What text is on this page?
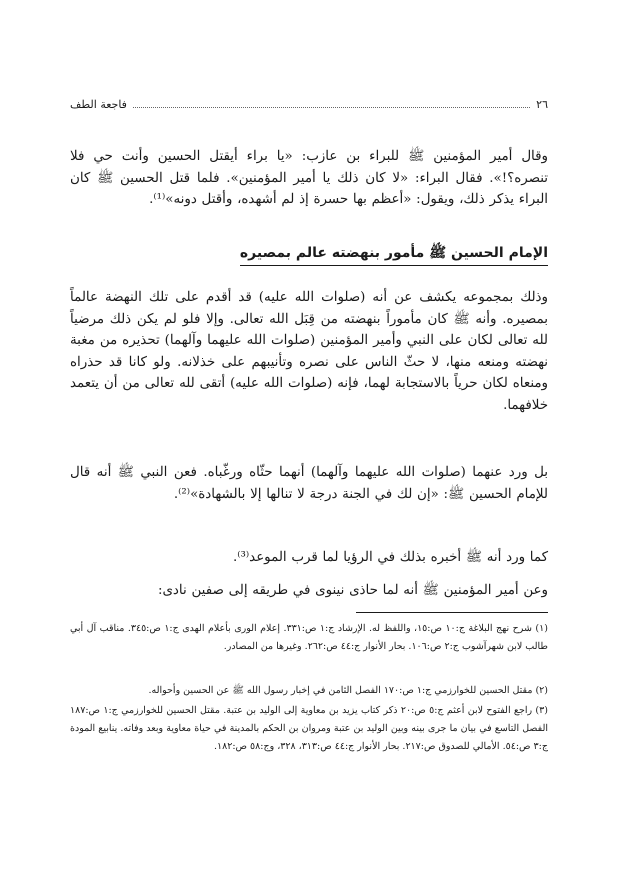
٢٦
فاجعة الطف

وقال أمير المؤمنين ﷺ للبراء بن عازب: «يا براء أيقتل الحسين وأنت حي فلا تنصره؟!». فقال البراء: «لا كان ذلك يا أمير المؤمنين». فلما قتل الحسين ﷺ كان البراء يذكر ذلك، ويقول: «أعظم بها حسرة إذ لم أشهده، وأقتل دونه»⁽¹⁾.

الإمام الحسين ﷺ مأمور بنهضته عالم بمصيره

وذلك بمجموعه يكشف عن أنه (صلوات الله عليه) قد أقدم على تلك النهضة عالماً بمصيره. وأنه ﷺ كان مأموراً بنهضته من قِبَل الله تعالى. وإلا فلو لم يكن ذلك مرضياً لله تعالى لكان على النبي وأمير المؤمنين (صلوات الله عليهما وآلهما) تحذيره من مغبة نهضته ومنعه منها، لا حثّ الناس على نصره وتأنيبهم على خذلانه. ولو كانا قد حذراه ومنعاه لكان حرياً بالاستجابة لهما، فإنه (صلوات الله عليه) أتقى لله تعالى من أن يتعمد خلافهما.

بل ورد عنهما (صلوات الله عليهما وآلهما) أنهما حثّاه ورغّباه. فعن النبي ﷺ أنه قال للإمام الحسين ﷺ: «إن لك في الجنة درجة لا تنالها إلا بالشهادة»⁽²⁾.

كما ورد أنه ﷺ أخبره بذلك في الرؤيا لما قرب الموعد⁽³⁾.

وعن أمير المؤمنين ﷺ أنه لما حاذى نينوى في طريقه إلى صفين نادى:

(١) شرح نهج البلاغة ج:١٠ ص:١٥، واللفظ له. الإرشاد ج:١ ص:٣٣١. إعلام الورى بأعلام الهدى ج:١ ص:٣٤٥. مناقب آل أبي طالب لابن شهرآشوب ج:٢ ص:١٠٦. بحار الأنوار ج:٤٤ ص:٢٦٢. وغيرها من المصادر.

(٢) مقتل الحسين للخوارزمي ج:١ ص:١٧٠ الفصل الثامن في إخبار رسول الله ﷺ عن الحسين وأحواله.

(٣) راجع الفتوح لابن أعثم ج:٥ ص:٢٠ ذكر كتاب يزيد بن معاوية إلى الوليد بن عتبة. مقتل الحسين للخوارزمي ج:١ ص:١٨٧ الفصل التاسع في بيان ما جرى بينه وبين الوليد بن عتبة ومروان بن الحكم بالمدينة في حياة معاوية وبعد وفاته. ينابيع المودة ج:٣ ص:٥٤. الأمالي للصدوق ص:٢١٧. بحار الأنوار ج:٤٤ ص:٣١٣، ٣٢٨، وج:٥٨ ص:١٨٢.
